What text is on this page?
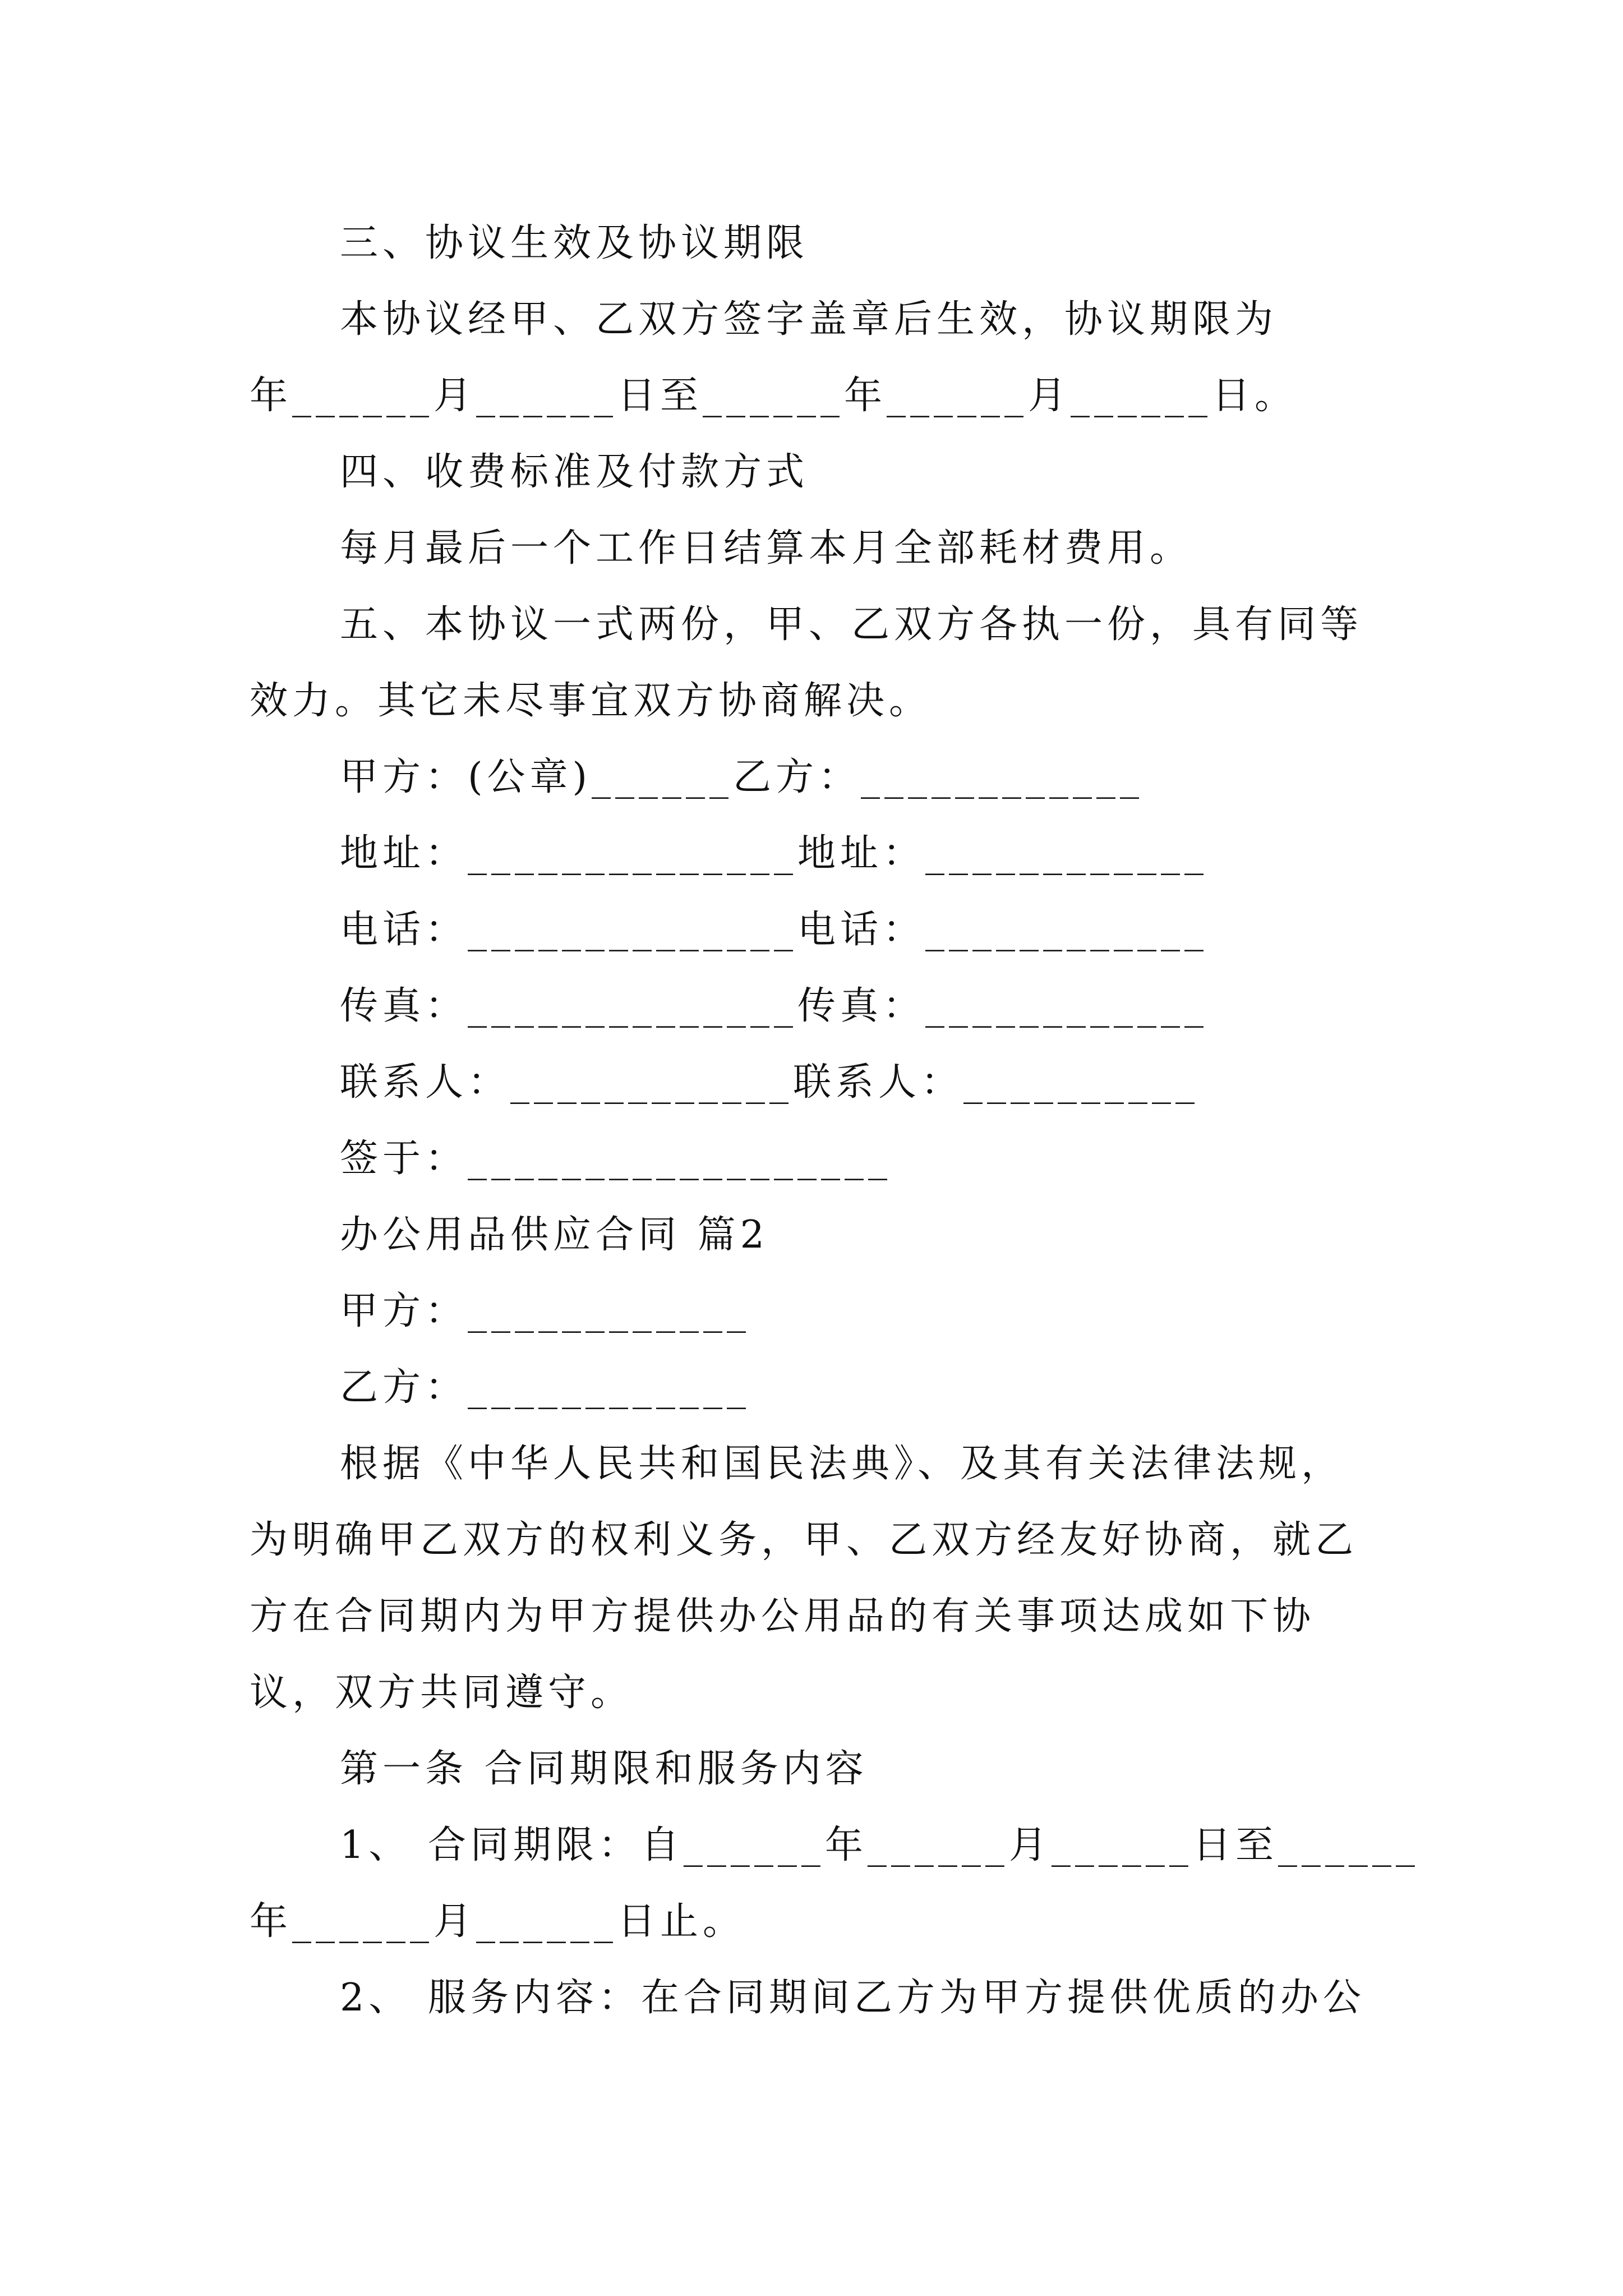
三、协议生效及协议期限
本协议经甲、乙双方签字盖章后生效，协议期限为
年______月______日至______年______月______日。
四、收费标准及付款方式
每月最后一个工作日结算本月全部耗材费用。
五、本协议一式两份，甲、乙双方各执一份，具有同等
效力。其它未尽事宜双方协商解决。
甲方：(公章)______乙方：____________
地址：______________地址：____________
电话：______________电话：____________
传真：______________传真：____________
联系人：____________联系人：__________
签于：__________________
办公用品供应合同 篇2
甲方：____________
乙方：____________
根据《中华人民共和国民法典》、及其有关法律法规，
为明确甲乙双方的权利义务，甲、乙双方经友好协商，就乙
方在合同期内为甲方提供办公用品的有关事项达成如下协
议，双方共同遵守。
第一条 合同期限和服务内容
1、 合同期限：自______年______月______日至______
年______月______日止。
2、 服务内容：在合同期间乙方为甲方提供优质的办公
